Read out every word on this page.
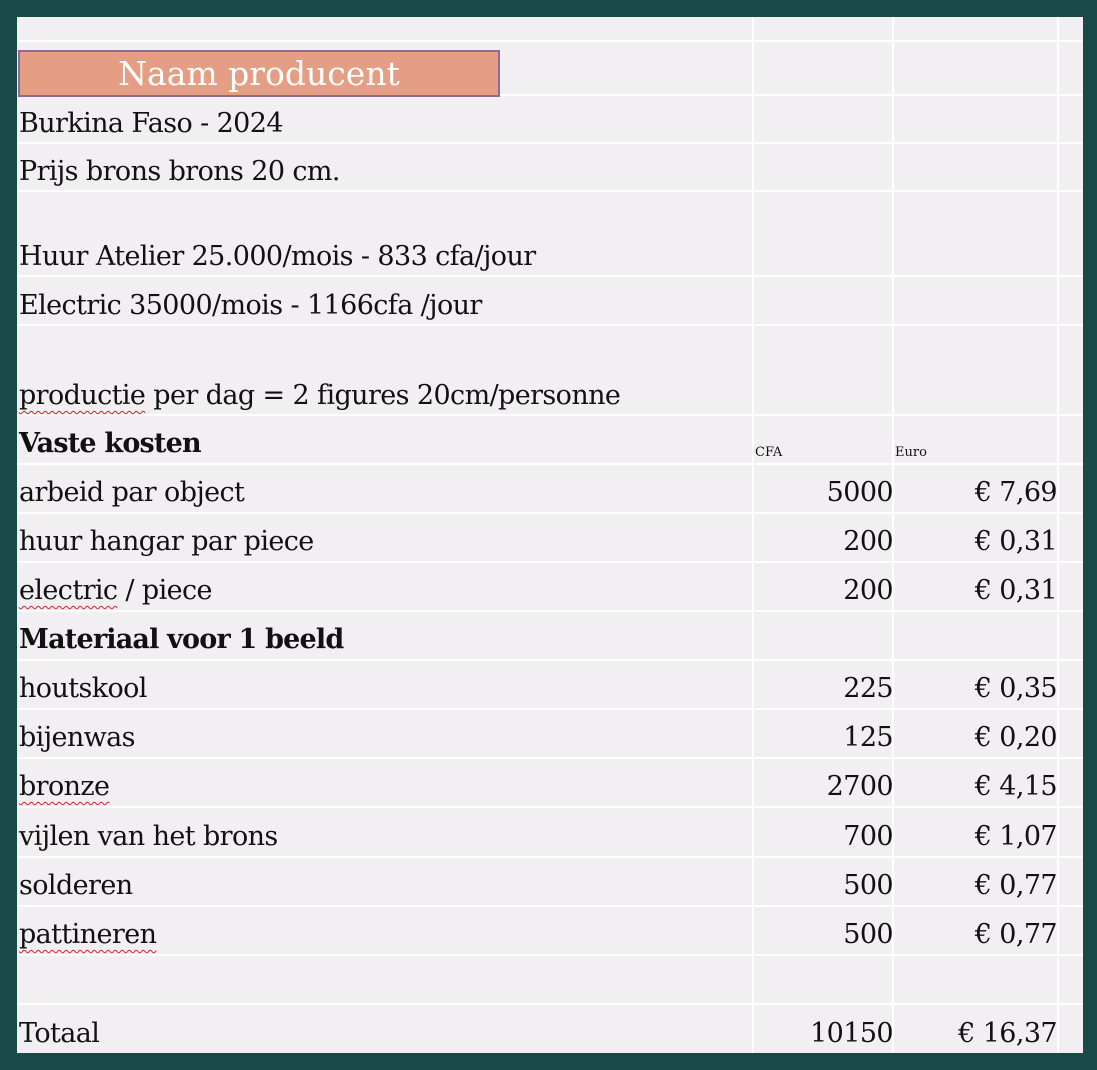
Naam producent
Burkina Faso - 2024
Prijs brons brons 20 cm.
Huur Atelier 25.000/mois - 833 cfa/jour
Electric 35000/mois - 1166cfa /jour
productie per dag = 2 figures 20cm/personne
Vaste kosten	CFA	Euro
arbeid par object	5000	€ 7,69
huur hangar par piece	200	€ 0,31
electric / piece	200	€ 0,31
Materiaal voor 1 beeld
houtskool	225	€ 0,35
bijenwas	125	€ 0,20
bronze	2700	€ 4,15
vijlen van het brons	700	€ 1,07
solderen	500	€ 0,77
pattineren	500	€ 0,77
Totaal	10150	€ 16,37
